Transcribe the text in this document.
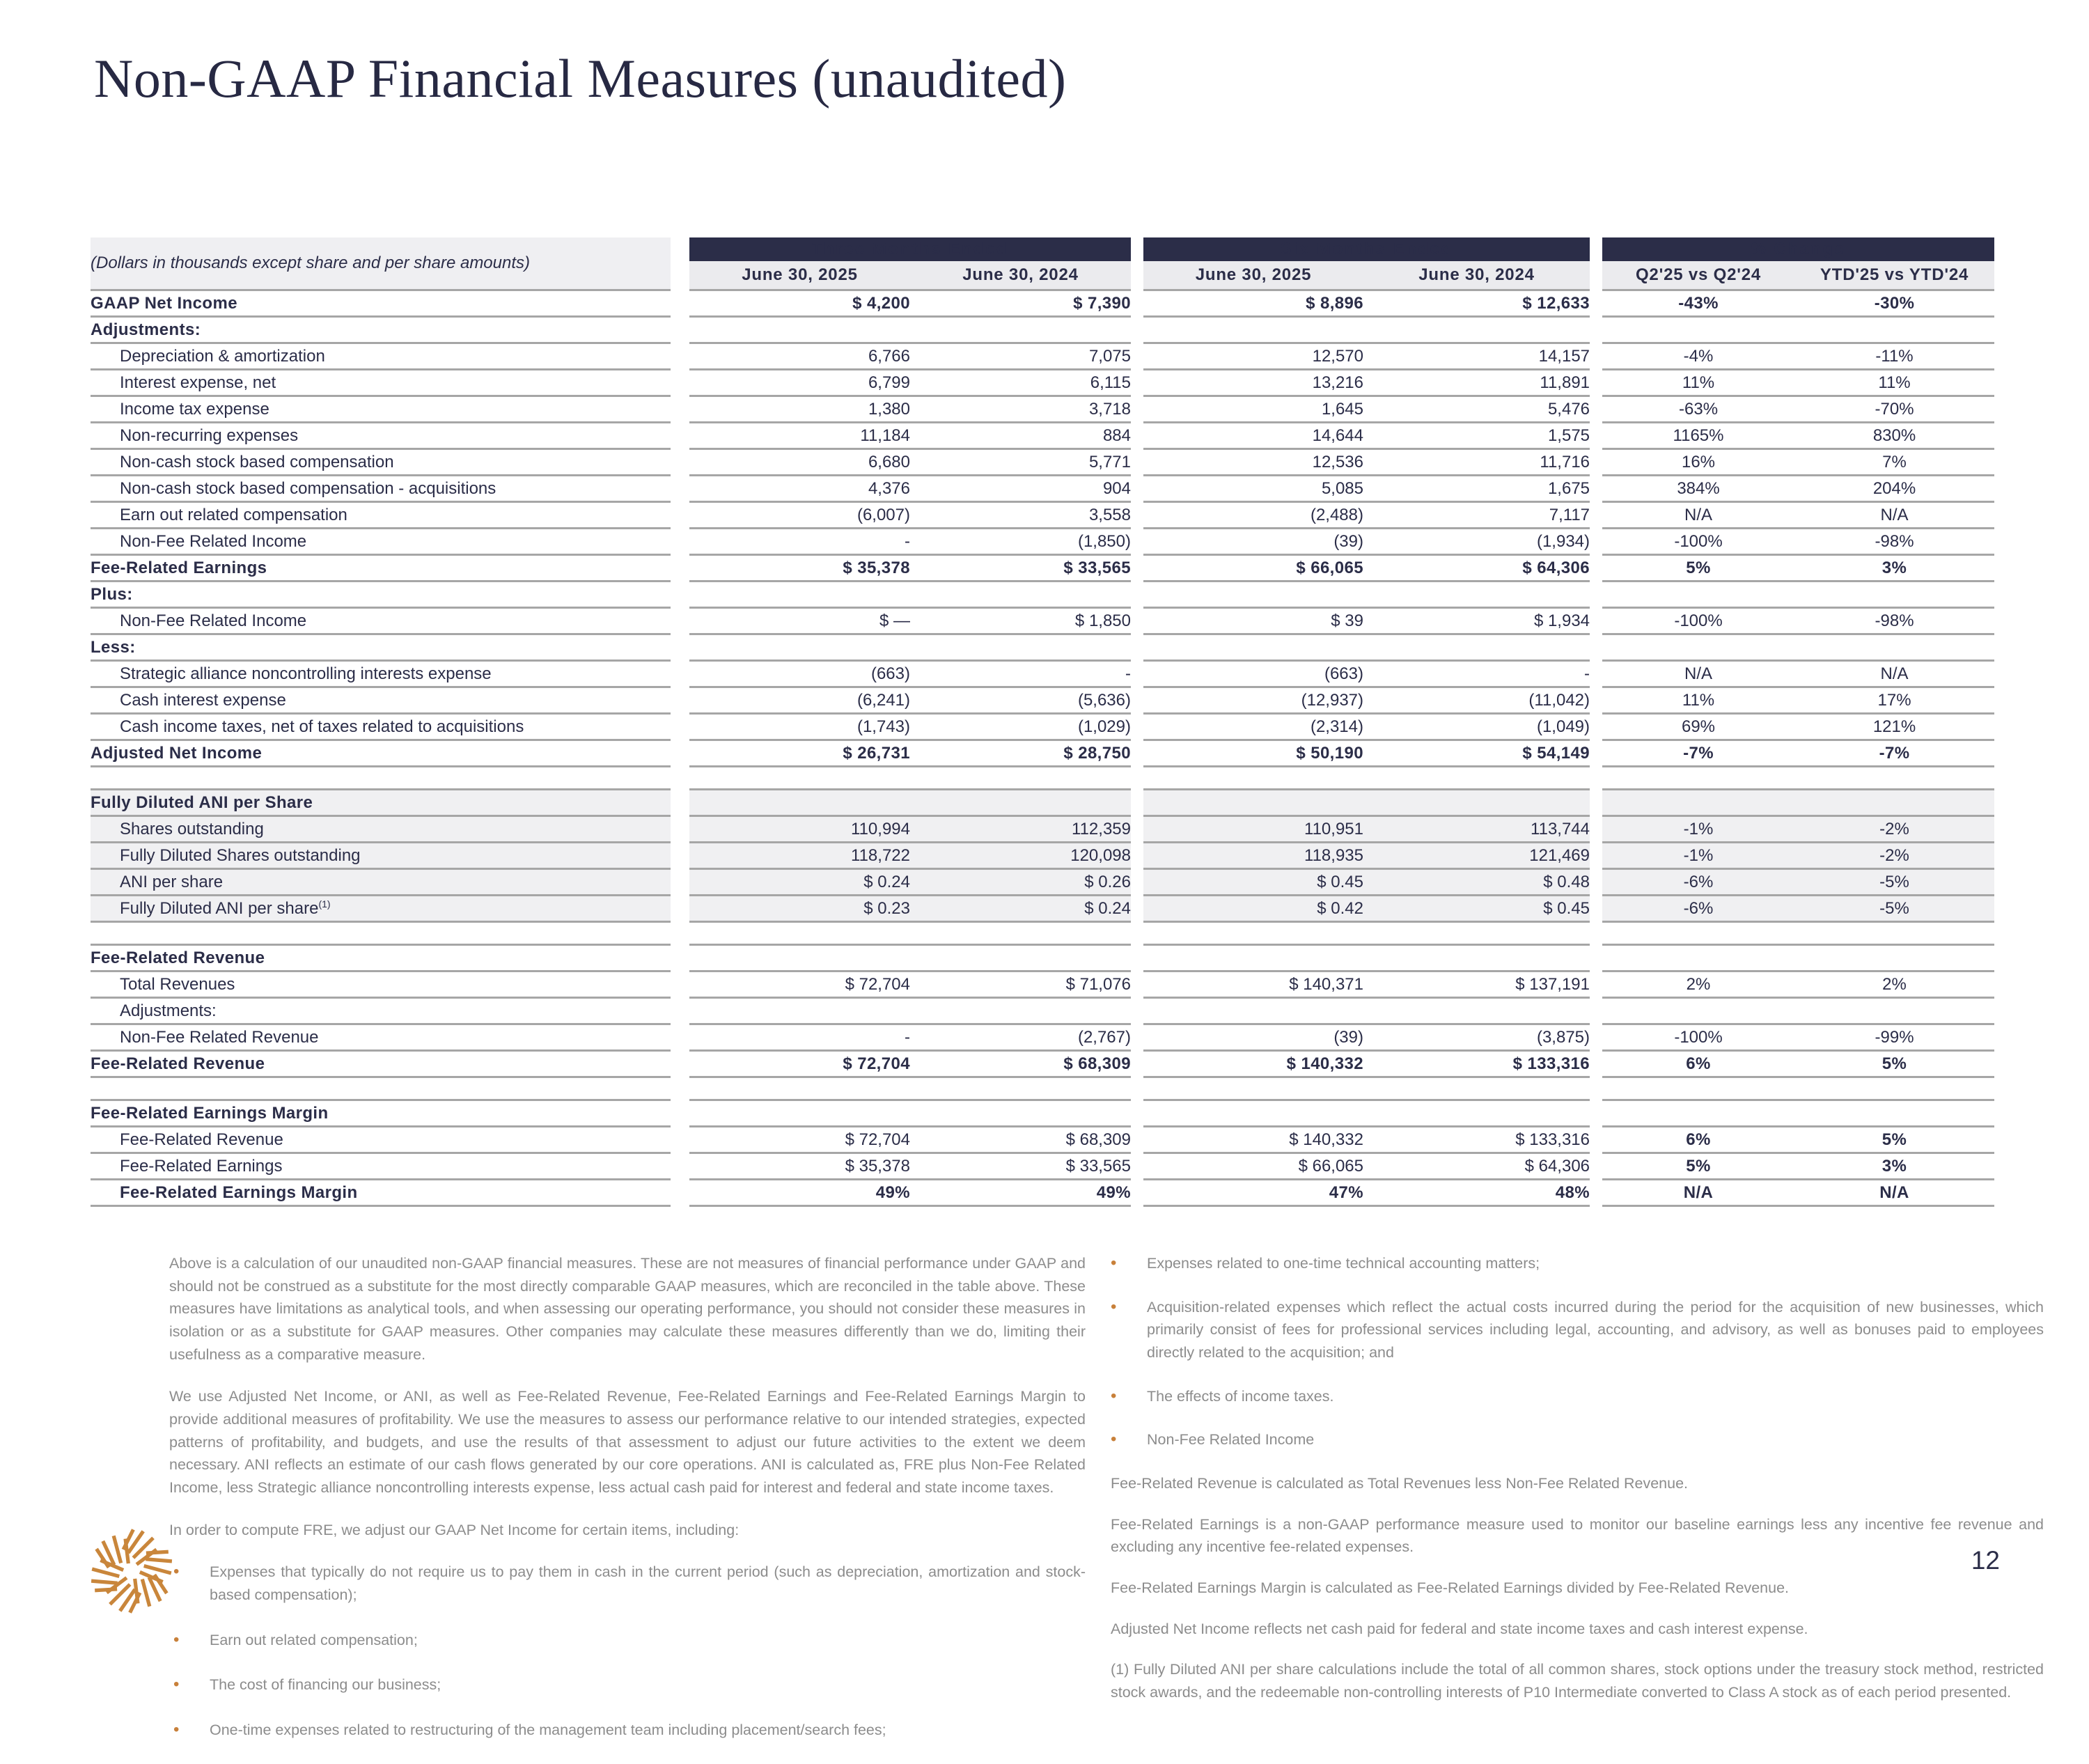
Non-GAAP Financial Measures (unaudited)
(Dollars in thousands except share and per share amounts)		Three Months Ended			Six Months Ended			% Change	
		June 30, 2025	June 30, 2024		June 30, 2025	June 30, 2024		Q2'25 vs Q2'24	YTD'25 vs YTD'24
GAAP Net Income		$ 4,200	$ 7,390		$ 8,896	$ 12,633		-43%	-30%
Adjustments:									
Depreciation & amortization		6,766	7,075		12,570	14,157		-4%	-11%
Interest expense, net		6,799	6,115		13,216	11,891		11%	11%
Income tax expense		1,380	3,718		1,645	5,476		-63%	-70%
Non-recurring expenses		11,184	884		14,644	1,575		1165%	830%
Non-cash stock based compensation		6,680	5,771		12,536	11,716		16%	7%
Non-cash stock based compensation - acquisitions		4,376	904		5,085	1,675		384%	204%
Earn out related compensation		(6,007)	3,558		(2,488)	7,117		N/A	N/A
Non-Fee Related Income		-	(1,850)		(39)	(1,934)		-100%	-98%
Fee-Related Earnings		$ 35,378	$ 33,565		$ 66,065	$ 64,306		5%	3%
Plus:									
Non-Fee Related Income		$ —	$ 1,850		$ 39	$ 1,934		-100%	-98%
Less:									
Strategic alliance noncontrolling interests expense		(663)	-		(663)	-		N/A	N/A
Cash interest expense		(6,241)	(5,636)		(12,937)	(11,042)		11%	17%
Cash income taxes, net of taxes related to acquisitions		(1,743)	(1,029)		(2,314)	(1,049)		69%	121%
Adjusted Net Income		$ 26,731	$ 28,750		$ 50,190	$ 54,149		-7%	-7%

Fully Diluted ANI per Share									
Shares outstanding		110,994	112,359		110,951	113,744		-1%	-2%
Fully Diluted Shares outstanding		118,722	120,098		118,935	121,469		-1%	-2%
ANI per share		$ 0.24	$ 0.26		$ 0.45	$ 0.48		-6%	-5%
Fully Diluted ANI per share$^{(1)}$		$ 0.23	$ 0.24		$ 0.42	$ 0.45		-6%	-5%

Fee-Related Revenue									
Total Revenues		$ 72,704	$ 71,076		$ 140,371	$ 137,191		2%	2%
Adjustments:									
Non-Fee Related Revenue		-	(2,767)		(39)	(3,875)		-100%	-99%
Fee-Related Revenue		$ 72,704	$ 68,309		$ 140,332	$ 133,316		6%	5%

Fee-Related Earnings Margin									
Fee-Related Revenue		$ 72,704	$ 68,309		$ 140,332	$ 133,316		6%	5%
Fee-Related Earnings		$ 35,378	$ 33,565		$ 66,065	$ 64,306		5%	3%
Fee-Related Earnings Margin		49%	49%		47%	48%		N/A	N/A

Above is a calculation of our unaudited non-GAAP financial measures. These are not measures of financial performance under GAAP and should not be construed as a substitute for the most directly comparable GAAP measures, which are reconciled in the table above. These measures have limitations as analytical tools, and when assessing our operating performance, you should not consider these measures in isolation or as a substitute for GAAP measures. Other companies may calculate these measures differently than we do, limiting their usefulness as a comparative measure.

We use Adjusted Net Income, or ANI, as well as Fee-Related Revenue, Fee-Related Earnings and Fee-Related Earnings Margin to provide additional measures of profitability. We use the measures to assess our performance relative to our intended strategies, expected patterns of profitability, and budgets, and use the results of that assessment to adjust our future activities to the extent we deem necessary. ANI reflects an estimate of our cash flows generated by our core operations. ANI is calculated as, FRE plus Non-Fee Related Income, less Strategic alliance noncontrolling interests expense, less actual cash paid for interest and federal and state income taxes.

In order to compute FRE, we adjust our GAAP Net Income for certain items, including:

•	Expenses that typically do not require us to pay them in cash in the current period (such as depreciation, amortization and stock-based compensation);
•	Earn out related compensation;
•	The cost of financing our business;
•	One-time expenses related to restructuring of the management team including placement/search fees;
•	Expenses related to one-time technical accounting matters;
•	Acquisition-related expenses which reflect the actual costs incurred during the period for the acquisition of new businesses, which primarily consist of fees for professional services including legal, accounting, and advisory, as well as bonuses paid to employees directly related to the acquisition; and
•	The effects of income taxes.
•	Non-Fee Related Income

Fee-Related Revenue is calculated as Total Revenues less Non-Fee Related Revenue.

Fee-Related Earnings is a non-GAAP performance measure used to monitor our baseline earnings less any incentive fee revenue and excluding any incentive fee-related expenses.

Fee-Related Earnings Margin is calculated as Fee-Related Earnings divided by Fee-Related Revenue.

Adjusted Net Income reflects net cash paid for federal and state income taxes and cash interest expense.

(1) Fully Diluted ANI per share calculations include the total of all common shares, stock options under the treasury stock method, restricted stock awards, and the redeemable non-controlling interests of P10 Intermediate converted to Class A stock as of each period presented.

12
